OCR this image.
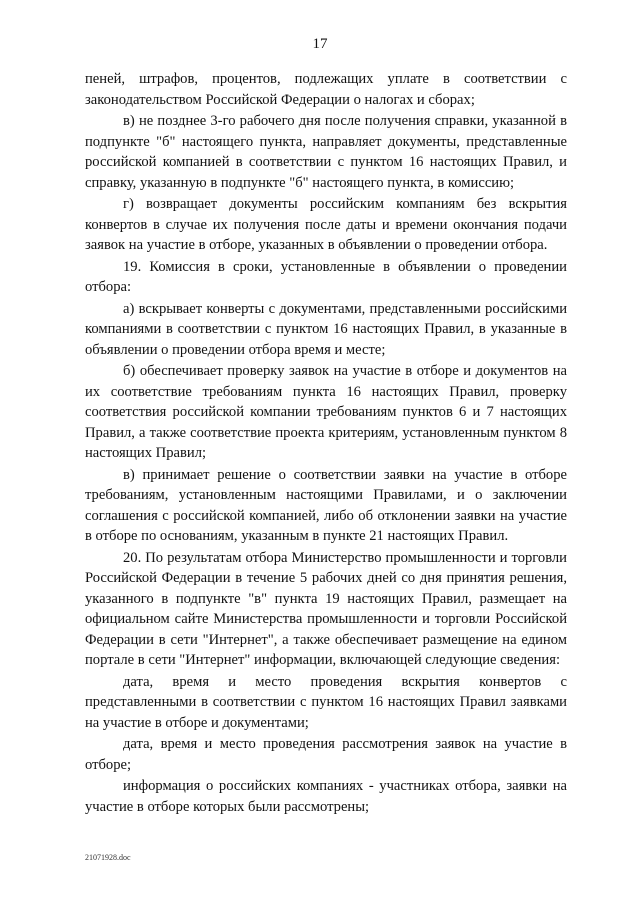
17

пеней, штрафов, процентов, подлежащих уплате в соответствии с законодательством Российской Федерации о налогах и сборах;

в) не позднее 3-го рабочего дня после получения справки, указанной в подпункте "б" настоящего пункта, направляет документы, представленные российской компанией в соответствии с пунктом 16 настоящих Правил, и справку, указанную в подпункте "б" настоящего пункта, в комиссию;

г) возвращает документы российским компаниям без вскрытия конвертов в случае их получения после даты и времени окончания подачи заявок на участие в отборе, указанных в объявлении о проведении отбора.

19. Комиссия в сроки, установленные в объявлении о проведении отбора:

а) вскрывает конверты с документами, представленными российскими компаниями в соответствии с пунктом 16 настоящих Правил, в указанные в объявлении о проведении отбора время и месте;

б) обеспечивает проверку заявок на участие в отборе и документов на их соответствие требованиям пункта 16 настоящих Правил, проверку соответствия российской компании требованиям пунктов 6 и 7 настоящих Правил, а также соответствие проекта критериям, установленным пунктом 8 настоящих Правил;

в) принимает решение о соответствии заявки на участие в отборе требованиям, установленным настоящими Правилами, и о заключении соглашения с российской компанией, либо об отклонении заявки на участие в отборе по основаниям, указанным в пункте 21 настоящих Правил.

20. По результатам отбора Министерство промышленности и торговли Российской Федерации в течение 5 рабочих дней со дня принятия решения, указанного в подпункте "в" пункта 19 настоящих Правил, размещает на официальном сайте Министерства промышленности и торговли Российской Федерации в сети "Интернет", а также обеспечивает размещение на едином портале в сети "Интернет" информации, включающей следующие сведения:

дата, время и место проведения вскрытия конвертов с представленными в соответствии с пунктом 16 настоящих Правил заявками на участие в отборе и документами;

дата, время и место проведения рассмотрения заявок на участие в отборе;

информация о российских компаниях - участниках отбора, заявки на участие в отборе которых были рассмотрены;

21071928.doc
